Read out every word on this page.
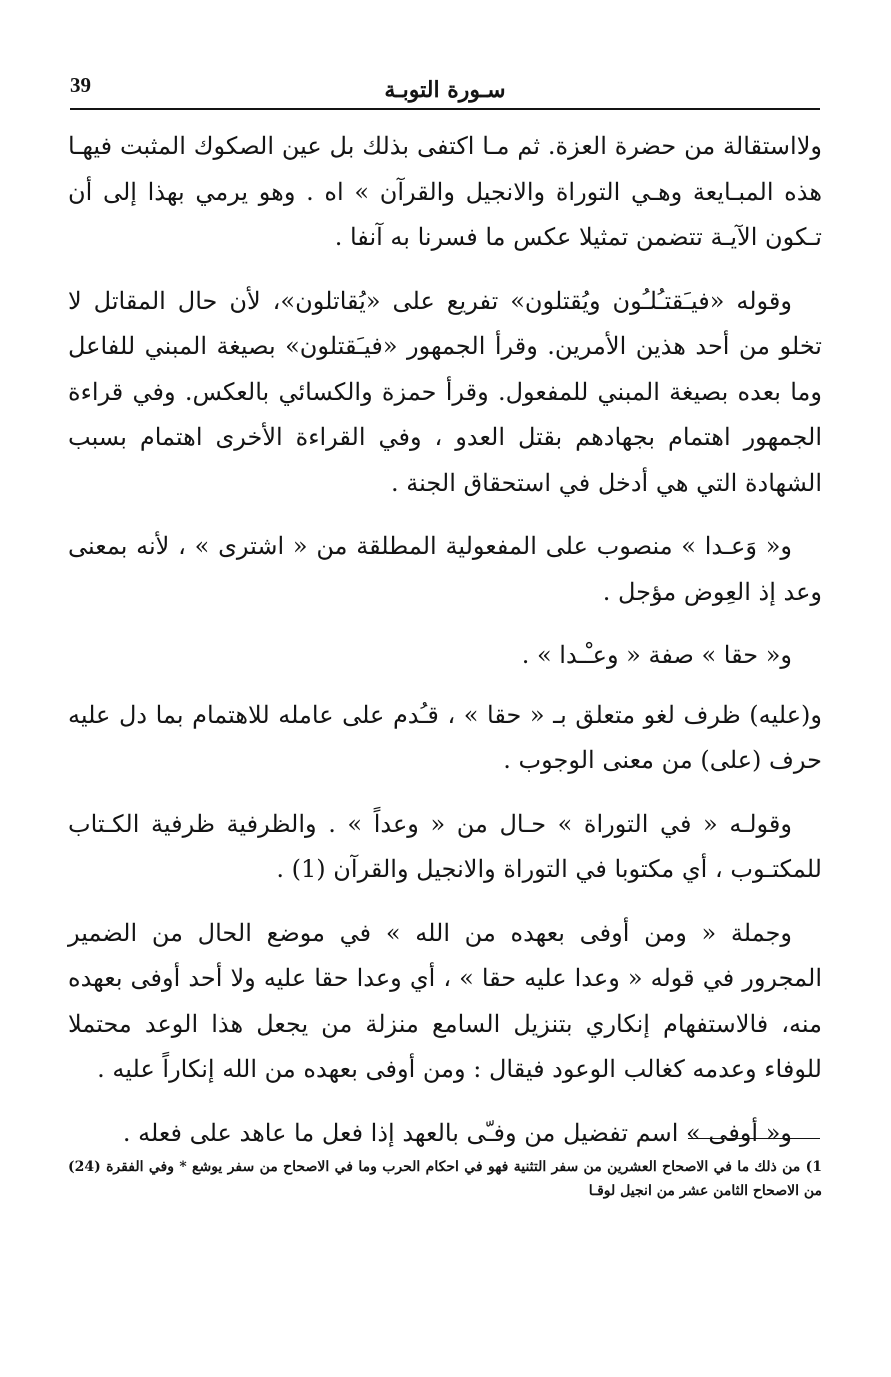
39	سـورة التوبـة

ولااستقالة من حضرة العزة. ثم مـا اكتفى بذلك بل عين الصكوك المثبت فيهـا هذه المبـايعة وهـي التوراة والانجيل والقرآن » اه . وهو يرمي بهذا إلى أن تـكون الآيـة تتضمن تمثيلا عكس ما فسرنا به آنفا .

وقوله «فيـَقتـُلـُون ويُقتلون» تفريع على «يُقاتلون»، لأن حال المقاتل لا تخلو من أحد هذين الأمرين. وقرأ الجمهور «فيـَقتلون» بصيغة المبني للفاعل وما بعده بصيغة المبني للمفعول. وقرأ حمزة والكسائي بالعكس. وفي قراءة الجمهور اهتمام بجهادهم بقتل العدو ، وفي القراءة الأخرى اهتمام بسبب الشهادة التي هي أدخل في استحقاق الجنة .

و« وَعـدا » منصوب على المفعولية المطلقة من « اشترى » ، لأنه بمعنى وعد إذ العِوض مؤجل .

و« حقا » صفة « وعـْـدا » .

و(عليه) ظرف لغو متعلق بـ « حقا » ، قـُدم على عامله للاهتمام بما دل عليه حرف (على) من معنى الوجوب .

وقولـه « في التوراة » حـال من « وعداً » . والظرفية ظرفية الكـتاب للمكتـوب ، أي مكتوبا في التوراة والانجيل والقرآن (1) .

وجملة « ومن أوفى بعهده من الله » في موضع الحال من الضمير المجرور في قوله « وعدا عليه حقا » ، أي وعدا حقا عليه ولا أحد أوفى بعهده منه، فالاستفهام إنكاري بتنزيل السامع منزلة من يجعل هذا الوعد محتملا للوفاء وعدمه كغالب الوعود فيقال : ومن أوفى بعهده من الله إنكاراً عليه .

و« أوفى » اسم تفضيل من وفـّى بالعهد إذا فعل ما عاهد على فعله .

1) من ذلك ما في الاصحاح العشرين من سفر التثنية فهو في احكام الحرب وما في الاصحاح من سفر يوشع * وفي الفقرة (24) من الاصحاح الثامن عشر من انجيل لوقـا
